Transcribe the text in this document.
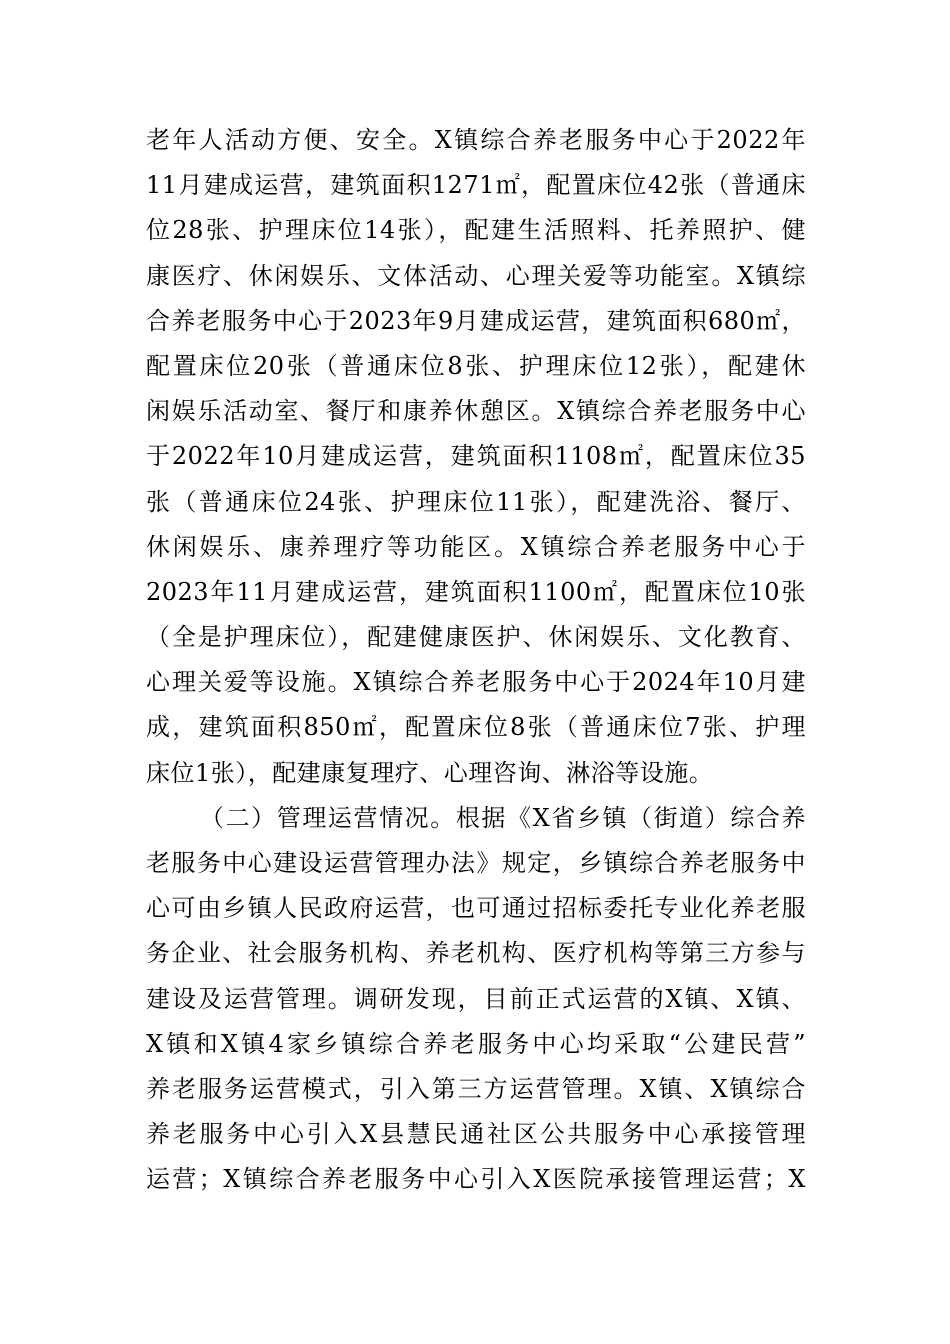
老年人活动方便、安全。X镇综合养老服务中心于2022年
11月建成运营，建筑面积1271㎡，配置床位42张（普通床
位28张、护理床位14张），配建生活照料、托养照护、健
康医疗、休闲娱乐、文体活动、心理关爱等功能室。X镇综
合养老服务中心于2023年9月建成运营，建筑面积680㎡，
配置床位20张（普通床位8张、护理床位12张），配建休
闲娱乐活动室、餐厅和康养休憩区。X镇综合养老服务中心
于2022年10月建成运营，建筑面积1108㎡，配置床位35
张（普通床位24张、护理床位11张），配建洗浴、餐厅、
休闲娱乐、康养理疗等功能区。X镇综合养老服务中心于
2023年11月建成运营，建筑面积1100㎡，配置床位10张
（全是护理床位），配建健康医护、休闲娱乐、文化教育、
心理关爱等设施。X镇综合养老服务中心于2024年10月建
成，建筑面积850㎡，配置床位8张（普通床位7张、护理
床位1张），配建康复理疗、心理咨询、淋浴等设施。
（二）管理运营情况。根据《X省乡镇（街道）综合养
老服务中心建设运营管理办法》规定，乡镇综合养老服务中
心可由乡镇人民政府运营，也可通过招标委托专业化养老服
务企业、社会服务机构、养老机构、医疗机构等第三方参与
建设及运营管理。调研发现，目前正式运营的X镇、X镇、
X镇和X镇4家乡镇综合养老服务中心均采取“公建民营”
养老服务运营模式，引入第三方运营管理。X镇、X镇综合
养老服务中心引入X县慧民通社区公共服务中心承接管理
运营；X镇综合养老服务中心引入X医院承接管理运营；X
